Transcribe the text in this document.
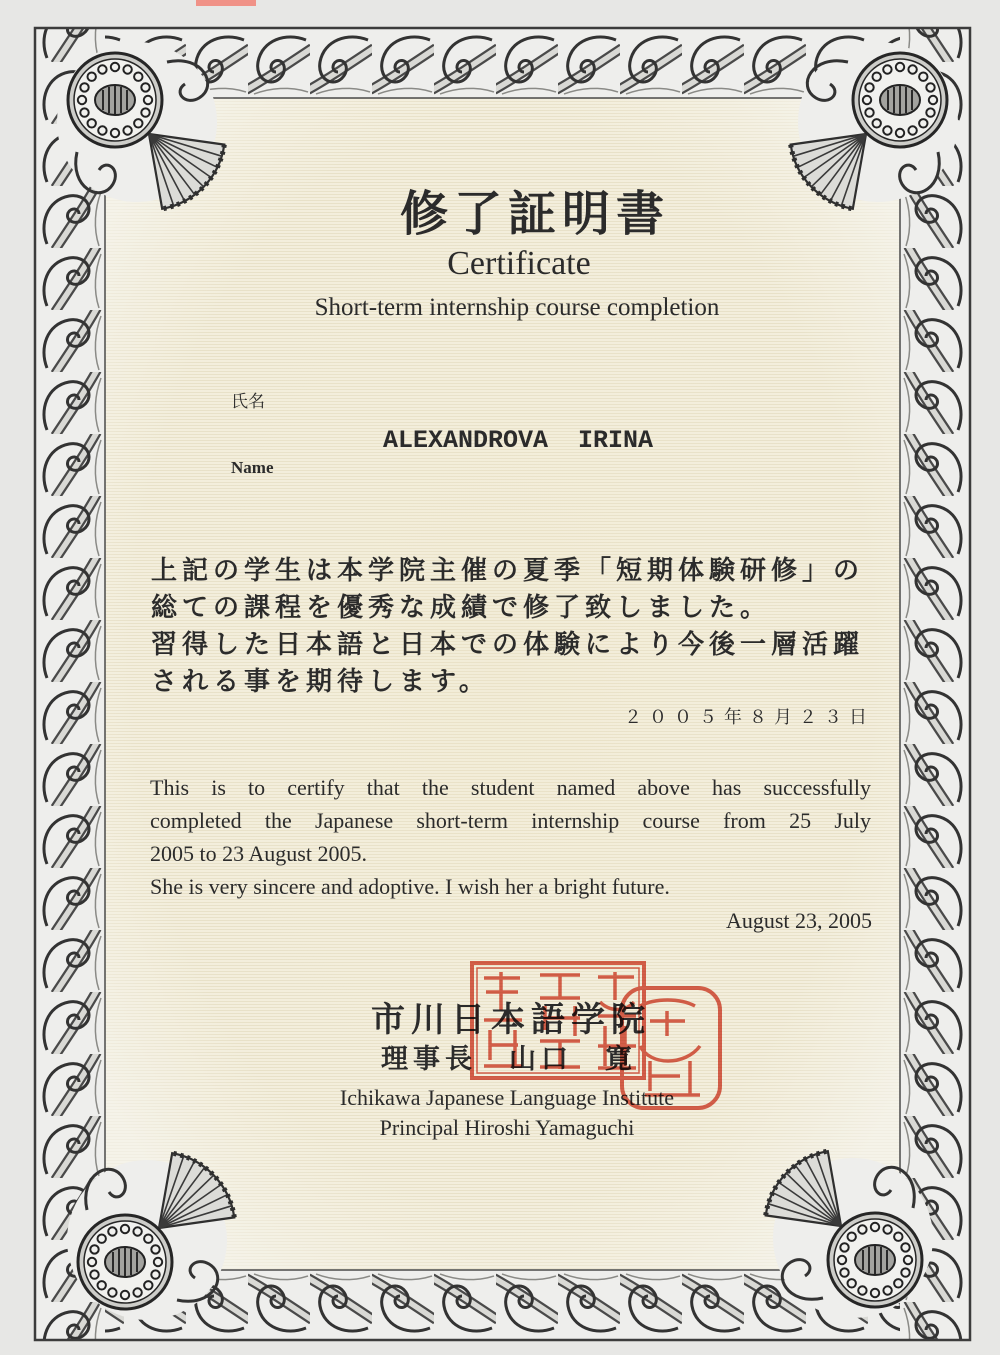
修了証明書
Certificate
Short-term internship course completion
氏名
ALEXANDROVA  IRINA
Name
上記の学生は本学院主催の夏季「短期体験研修」の
総ての課程を優秀な成績で修了致しました。
習得した日本語と日本での体験により今後一層活躍
される事を期待します。
２００５年８月２３日
This is to certify that the student named above has successfully
completed the Japanese short-term internship course from 25 July
2005 to 23 August 2005.
She is very sincere and adoptive. I wish her a bright future.
August 23, 2005
市川日本語学院
理事長　山口　寛
Ichikawa Japanese Language Institute
Principal Hiroshi Yamaguchi
